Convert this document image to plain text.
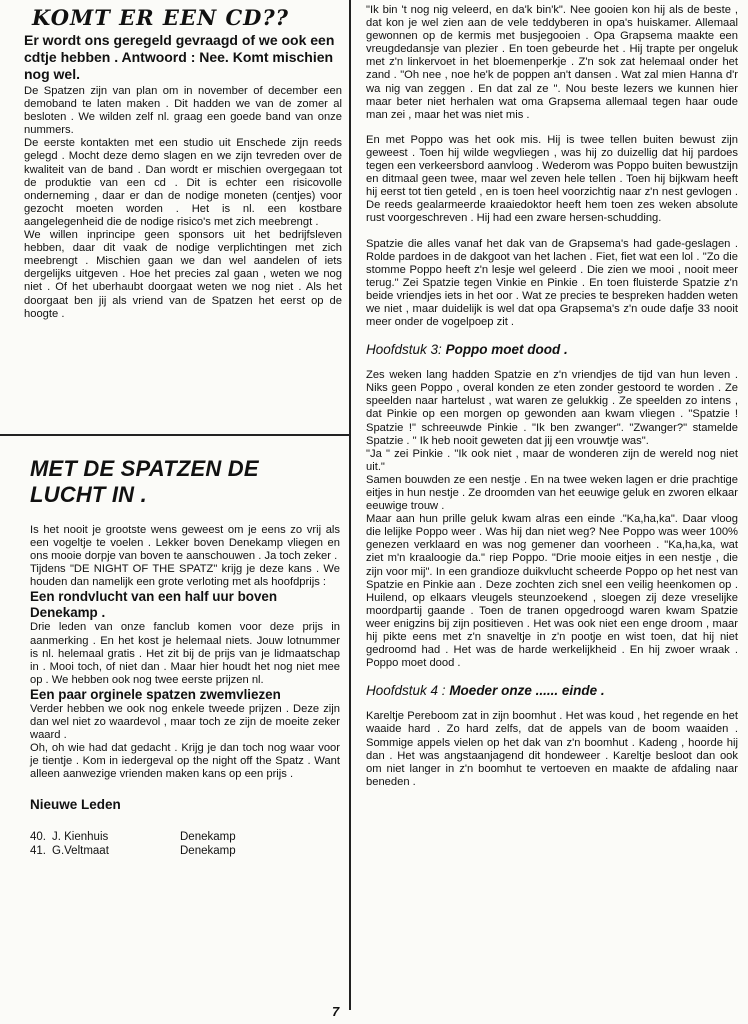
KOMT ER EEN CD??
Er wordt ons geregeld gevraagd of we ook een cdtje hebben . Antwoord : Nee. Komt mischien nog wel.

De Spatzen zijn van plan om in november of december een demoband te laten maken . Dit hadden we van de zomer al besloten . We wilden zelf nl. graag een goede band van onze nummers.

De eerste kontakten met een studio uit Enschede zijn reeds gelegd . Mocht deze demo slagen en we zijn tevreden over de kwaliteit van de band . Dan wordt er mischien overgegaan tot de produktie van een cd . Dit is echter een risicovolle onderneming , daar er dan de nodige moneten (centjes) voor gezocht moeten worden . Het is nl. een kostbare aangelegenheid die de nodige risico's met zich meebrengt .

We willen inprincipe geen sponsors uit het bedrijfsleven hebben, daar dit vaak de nodige verplichtingen met zich meebrengt . Mischien gaan we dan wel aandelen of iets dergelijks uitgeven . Hoe het precies zal gaan , weten we nog niet . Of het uberhaubt doorgaat weten we nog niet . Als het doorgaat ben jij als vriend van de Spatzen het eerst op de hoogte .

MET DE SPATZEN DE LUCHT IN .

Is het nooit je grootste wens geweest om je eens zo vrij als een vogeltje te voelen . Lekker boven Denekamp vliegen en ons mooie dorpje van boven te aanschouwen . Ja toch zeker .

Tijdens "DE NIGHT OF THE SPATZ" krijg je deze kans . We houden dan namelijk een grote verloting met als hoofdprijs :

Een rondvlucht van een half uur boven Denekamp .

Drie leden van onze fanclub komen voor deze prijs in aanmerking . En het kost je helemaal niets. Jouw lotnummer is nl. helemaal gratis . Het zit bij de prijs van je lidmaatschap in . Mooi toch, of niet dan . Maar hier houdt het nog niet mee op . We hebben ook nog twee eerste prijzen nl.

Een paar orginele spatzen zwemvliezen

Verder hebben we ook nog enkele tweede prijzen . Deze zijn dan wel niet zo waardevol , maar toch ze zijn de moeite zeker waard .

Oh, oh wie had dat gedacht . Krijg je dan toch nog waar voor je tientje . Kom in iedergeval op the night off the Spatz . Want alleen aanwezige vrienden maken kans op een prijs .

Nieuwe Leden
40. J. Kienhuis	Denekamp
41. G.Veltmaat	Denekamp

"Ik bin 't nog nig veleerd, en da'k bin'k". Nee gooien kon hij als de beste , dat kon je wel zien aan de vele teddyberen in opa's huiskamer. Allemaal gewonnen op de kermis met busjegooien . Opa Grapsema maakte een vreugdedansje van plezier . En toen gebeurde het . Hij trapte per ongeluk met z'n linkervoet in het bloemenperkje . Z'n sok zat helemaal onder het zand . "Oh nee , noe he'k de poppen an't dansen . Wat zal mien Hanna d'r wa nig van zeggen . En dat zal ze ". Nou beste lezers we kunnen hier maar beter niet herhalen wat oma Grapsema allemaal tegen haar oude man zei , maar het was niet mis .

En met Poppo was het ook mis. Hij is twee tellen buiten bewust zijn geweest . Toen hij wilde wegvliegen , was hij zo duizellig dat hij pardoes tegen een verkeersbord aanvloog . Wederom was Poppo buiten bewustzijn en ditmaal geen twee, maar wel zeven hele tellen . Toen hij bijkwam heeft hij eerst tot tien geteld , en is toen heel voorzichtig naar z'n nest gevlogen . De reeds gealarmeerde kraaiedoktor heeft hem toen zes weken absolute rust voorgeschreven . Hij had een zware hersen-schudding.

Spatzie die alles vanaf het dak van de Grapsema's had gade-geslagen . Rolde pardoes in de dakgoot van het lachen . Fiet, fiet wat een lol . "Zo die stomme Poppo heeft z'n lesje wel geleerd . Die zien we mooi , nooit meer terug." Zei Spatzie tegen Vinkie en Pinkie . En toen fluisterde Spatzie z'n beide vriendjes iets in het oor . Wat ze precies te bespreken hadden weten we niet , maar duidelijk is wel dat opa Grapsema's z'n oude dafje 33 nooit meer onder de vogelpoep zit .

Hoofdstuk 3: Poppo moet dood .

Zes weken lang hadden Spatzie en z'n vriendjes de tijd van hun leven . Niks geen Poppo , overal konden ze eten zonder gestoord te worden . Ze speelden naar hartelust , wat waren ze gelukkig . Ze speelden zo intens , dat Pinkie op een morgen op gewonden aan kwam vliegen . "Spatzie ! Spatzie !" schreeuwde Pinkie . "Ik ben zwanger". "Zwanger?" stamelde Spatzie . " Ik heb nooit geweten dat jij een vrouwtje was".

"Ja " zei Pinkie . "Ik ook niet , maar de wonderen zijn de wereld nog niet uit."

Samen bouwden ze een nestje . En na twee weken lagen er drie prachtige eitjes in hun nestje . Ze droomden van het eeuwige geluk en zworen elkaar eeuwige trouw .

Maar aan hun prille geluk kwam alras een einde ."Ka,ha,ka". Daar vloog die lelijke Poppo weer . Was hij dan niet weg? Nee Poppo was weer 100% genezen verklaard en was nog gemener dan voorheen . "Ka,ha,ka, wat ziet m'n kraaloogie da." riep Poppo. "Drie mooie eitjes in een nestje , die zijn voor mij". In een grandioze duikvlucht scheerde Poppo op het nest van Spatzie en Pinkie aan . Deze zochten zich snel een veilig heenkomen op . Huilend, op elkaars vleugels steunzoekend , sloegen zij deze vreselijke moordpartij gaande . Toen de tranen opgedroogd waren kwam Spatzie weer enigzins bij zijn positieven . Het was ook niet een enge droom , maar hij pikte eens met z'n snaveltje in z'n pootje en wist toen, dat hij niet gedroomd had . Het was de harde werkelijkheid . En hij zwoer wraak . Poppo moet dood .

Hoofdstuk 4 : Moeder onze ...... einde .

Kareltje Pereboom zat in zijn boomhut . Het was koud , het regende en het waaide hard . Zo hard zelfs, dat de appels van de boom waaiden . Sommige appels vielen op het dak van z'n boomhut . Kadeng , hoorde hij dan . Het was angstaanjagend dit hondeweer . Kareltje besloot dan ook om niet langer in z'n boomhut te vertoeven en maakte de afdaling naar beneden .

7
